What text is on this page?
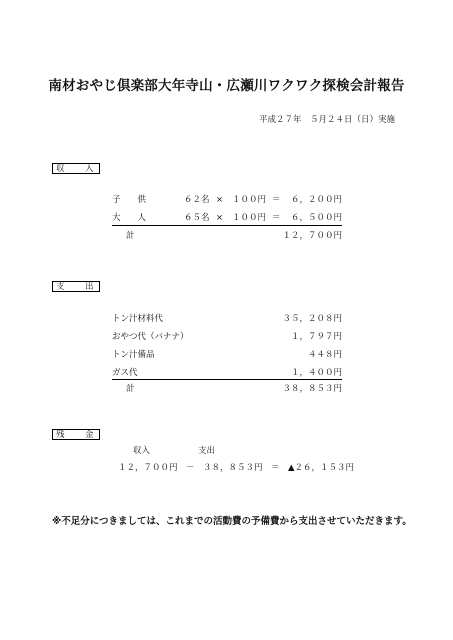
南材おやじ倶楽部大年寺山・広瀬川ワクワク探検会計報告
平成２７年　５月２４日（日）実施
収　入
子　　供	６２名 × １００円 ＝ ６，２００円
大　　人	６５名 × １００円 ＝ ６，５００円
計	１２，７００円
支　出
トン汁材料代	３５，２０８円
おやつ代（バナナ）	１，７９７円
トン汁備品	４４８円
ガス代	１，４００円
計	３８，８５３円
残　金
収入	支出
１２，７００円　－　３８，８５３円　＝　▲２６，１５３円
※不足分につきましては、これまでの活動費の予備費から支出させていただきます。
